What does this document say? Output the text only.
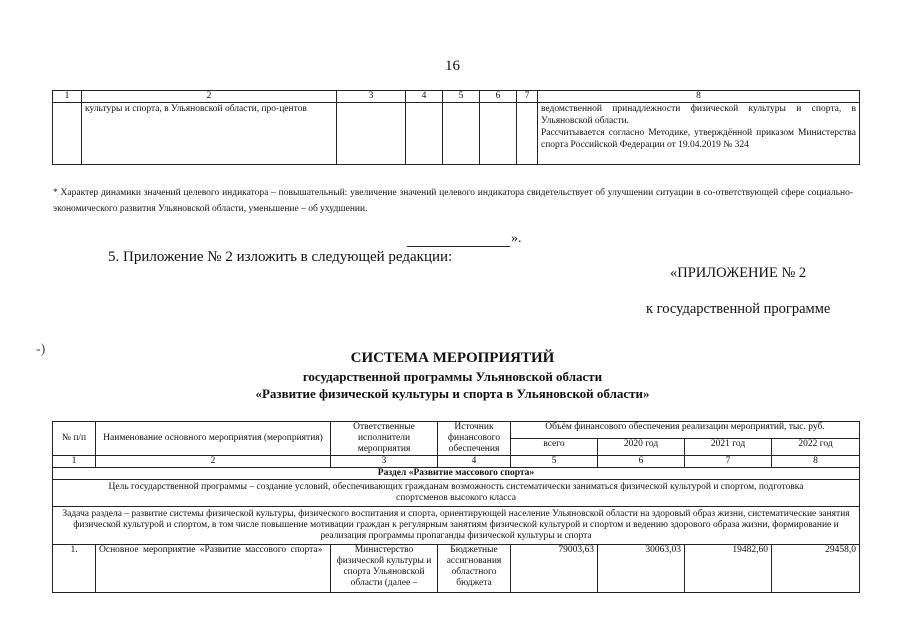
16
1	2	3	4	5	6	7	8
	культуры и спорта, в Ульяновской области, про-центов						ведомственной принадлежности физической культуры и спорта, в Ульяновской области.
Рассчитывается согласно Методике, утверждённой приказом Министерства спорта Российской Федерации от 19.04.2019 № 324
* Характер динамики значений целевого индикатора – повышательный: увеличение значений целевого индикатора свидетельствует об улучшении ситуации в со-ответствующей сфере социально-экономического развития Ульяновской области, уменьшение – об ухудшении.
».
5. Приложение № 2 изложить в следующей редакции:
«ПРИЛОЖЕНИЕ № 2
к государственной программе
-)
СИСТЕМА МЕРОПРИЯТИЙ
государственной программы Ульяновской области
«Развитие физической культуры и спорта в Ульяновской области»
№ п/п	Наименование основного мероприятия (мероприятия)	Ответственные исполнители мероприятия	Источник финансового обеспечения	Объём финансового обеспечения реализации мероприятий, тыс. руб.			
				всего	2020 год	2021 год	2022 год
1	2	3	4	5	6	7	8
Раздел «Развитие массового спорта»							
Цель государственной программы – создание условий, обеспечивающих гражданам возможность систематически заниматься физической культурой и спортом, подготовка спортсменов высокого класса							
Задача раздела – развитие системы физической культуры, физического воспитания и спорта, ориентирующей население Ульяновской области на здоровый образ жизни, систематические занятия физической культурой и спортом, в том числе повышение мотивации граждан к регулярным занятиям физической культурой и спортом и ведению здорового образа жизни, формирование и реализация программы пропаганды физической культуры и спорта							
1.	Основное мероприятие «Развитие массового спорта»	Министерство физической культуры и спорта Ульяновской области (далее –	Бюджетные ассигнования областного бюджета	79003,63	30063,03	19482,60	29458,0
